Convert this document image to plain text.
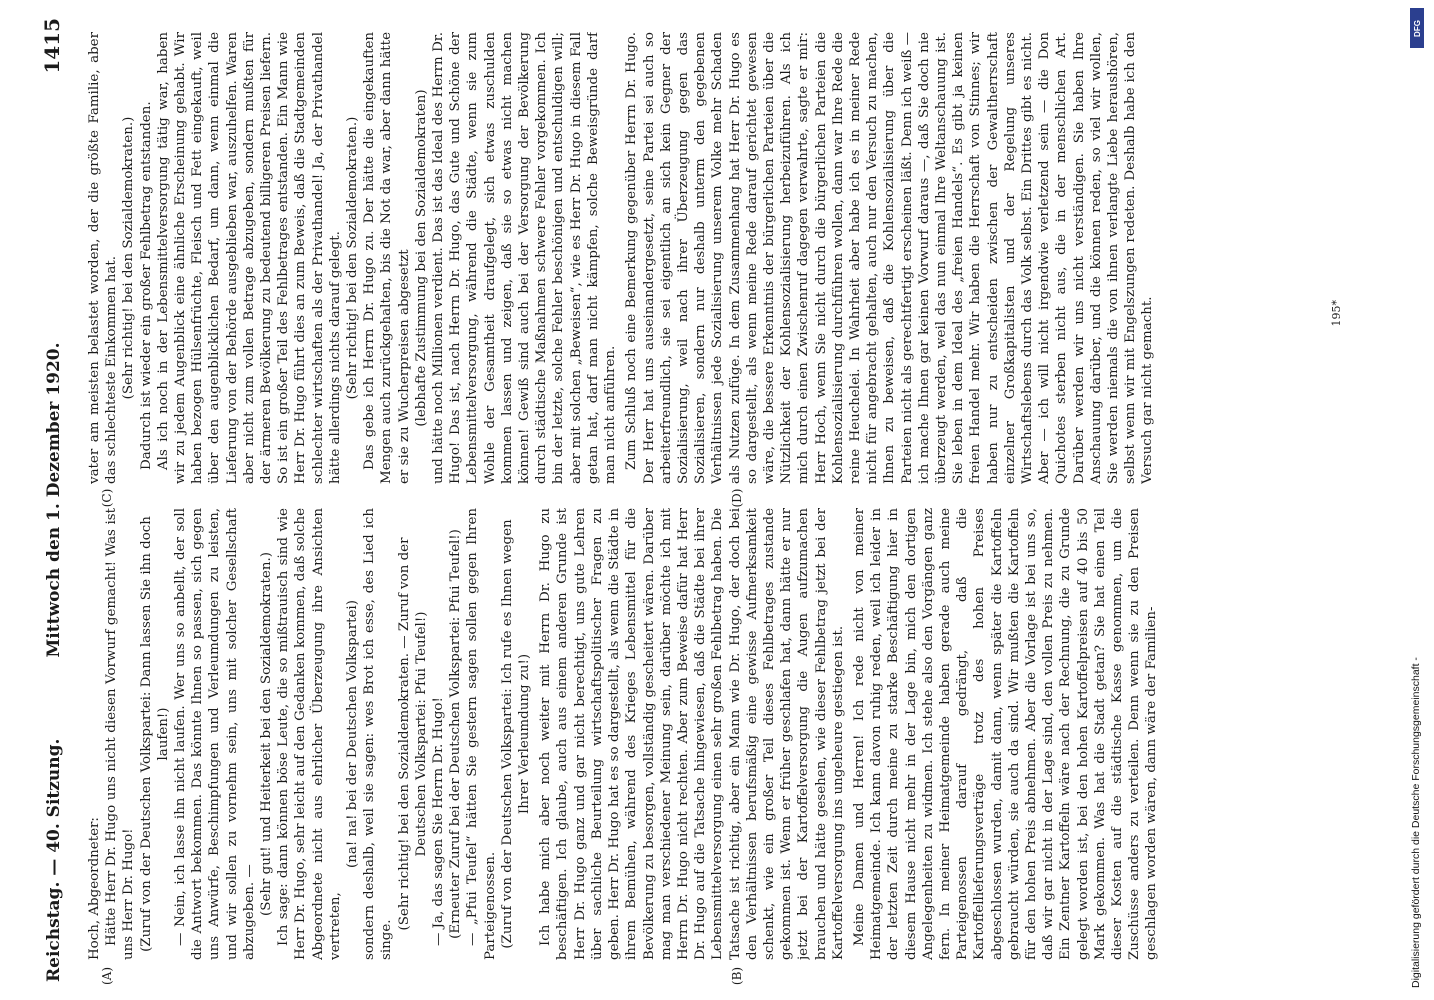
Reichstag. — 40. Sitzung.
Mittwoch den 1. Dezember 1920.
1415
(A)	(B)
(C)	(D)

Hoch, Abgeordneter: Hätte Herr Dr. Hugo uns nicht diesen Vorwurf gemacht! Was ist uns Herr Dr. Hugo! (Zuruf von der Deutschen Volkspartei: Dann lassen Sie ihn doch laufen!) — Nein, ich lasse ihn nicht laufen. Wer uns so anbellt, der soll die Antwort bekommen. Das könnte Ihnen so passen, sich gegen uns Anwürfe, Beschimpfungen und Verleumdungen zu leisten, und wir sollen zu vornehm sein, uns mit solcher Gesellschaft abzugeben. — (Sehr gut! und Heiterkeit bei den Sozialdemokraten.) Ich sage: dann können böse Leute, die so mißtrauisch sind wie Herr Dr. Hugo, sehr leicht auf den Gedanken kommen, daß solche Abgeordnete nicht aus ehrlicher Überzeugung ihre Ansichten vertreten,

(na! na! bei der Deutschen Volkspartei) sondern deshalb, weil sie sagen: wes Brot ich esse, des Lied ich singe.

(Sehr richtig! bei den Sozialdemokraten. — Zuruf von der Deutschen Volkspartei: Pfui Teufel!) — Ja, das sagen Sie Herrn Dr. Hugo! (Erneuter Zuruf bei der Deutschen Volkspartei: Pfui Teufel!) — „Pfui Teufel“ hätten Sie gestern sagen sollen gegen Ihren Parteigenossen. (Zuruf von der Deutschen Volkspartei: Ich rufe es Ihnen wegen Ihrer Verleumdung zu!) Ich habe mich aber noch weiter mit Herrn Dr. Hugo zu beschäftigen. Ich glaube, auch aus einem anderen Grunde ist Herr Dr. Hugo ganz und gar nicht berechtigt, uns gute Lehren über sachliche Beurteilung wirtschaftspolitischer Fragen zu geben. Herr Dr. Hugo hat es so dargestellt, als wenn die Städte in ihrem Bemühen, während des Krieges Lebensmittel für die Bevölkerung zu besorgen, vollständig gescheitert wären. Darüber mag man verschiedener Meinung sein, darüber möchte ich mit Herrn Dr. Hugo nicht rechten. Aber zum Beweise dafür hat Herr Dr. Hugo auf die Tatsache hingewiesen, daß die Städte bei ihrer Lebensmittelversorgung einen sehr großen Fehlbetrag haben. Die Tatsache ist richtig, aber ein Mann wie Dr. Hugo, der doch bei den Verhältnissen berufsmäßig eine gewisse Aufmerksamkeit schenkt, wie ein großer Teil dieses Fehlbetrages zustande gekommen ist. Wenn er früher geschlafen hat, dann hätte er nur jetzt bei der Kartoffelversorgung die Augen aufzumachen brauchen und hätte gesehen, wie dieser Fehlbetrag jetzt bei der Kartoffelversorgung ins ungeheure gestiegen ist. Meine Damen und Herren! Ich rede nicht von meiner Heimatgemeinde. Ich kann davon ruhig reden, weil ich leider in der letzten Zeit durch meine zu starke Beschäftigung hier in diesem Hause nicht mehr in der Lage bin, mich den dortigen Angelegenheiten zu widmen. Ich stehe also den Vorgängen ganz fern. In meiner Heimatgemeinde haben gerade auch meine Parteigenossen darauf gedrängt, daß die Kartoffellieferungsverträge trotz des hohen Preises abgeschlossen wurden, damit dann, wenn später die Kartoffeln gebraucht würden, sie auch da sind. Wir mußten die Kartoffeln für den hohen Preis abnehmen. Aber die Vorlage ist bei uns so, daß wir gar nicht in der Lage sind, den vollen Preis zu nehmen. Ein Zentner Kartoffeln wäre nach der Rechnung, die zu Grunde gelegt worden ist, bei den hohen Kartoffelpreisen auf 40 bis 50 Mark gekommen. Was hat die Stadt getan? Sie hat einen Teil dieser Kosten auf die städtische Kasse genommen, um die Zuschüsse anders zu verteilen. Denn wenn sie zu den Preisen geschlagen worden wären, dann wäre der Familien-

vater am meisten belastet worden, der die größte Familie, aber das schlechteste Einkommen hat. (Sehr richtig! bei den Sozialdemokraten.) Dadurch ist wieder ein großer Fehlbetrag entstanden. Als ich noch in der Lebensmittelversorgung tätig war, haben wir zu jedem Augenblick eine ähnliche Erscheinung gehabt. Wir haben bezogen Hülsenfrüchte, Fleisch und Fett eingekauft, weil über den augenblicklichen Bedarf, um dann, wenn einmal die Lieferung von der Behörde ausgeblieben war, auszuhelfen. Waren aber nicht zum vollen Betrage abzugeben, sondern mußten für der ärmeren Bevölkerung zu bedeutend billigeren Preisen liefern. So ist ein großer Teil des Fehlbetrages entstanden. Ein Mann wie Herr Dr. Hugo führt dies an zum Beweis, daß die Stadtgemeinden schlechter wirtschaften als der Privathandel! Ja, der Privathandel hätte allerdings nichts darauf gelegt. (Sehr richtig! bei den Sozialdemokraten.) Das gebe ich Herrn Dr. Hugo zu. Der hätte die eingekauften Mengen auch zurückgehalten, bis die Not da war, aber dann hätte er sie zu Wucherpreisen abgesetzt (lebhafte Zustimmung bei den Sozialdemokraten) und hätte noch Millionen verdient. Das ist das Ideal des Herrn Dr. Hugo! Das ist, nach Herrn Dr. Hugo, das Gute und Schöne der Lebensmittelversorgung, während die Städte, wenn sie zum Wohle der Gesamtheit draufgelegt, sich etwas zuschulden kommen lassen und zeigen, daß sie so etwas nicht machen können! Gewiß sind auch bei der Versorgung der Bevölkerung durch städtische Maßnahmen schwere Fehler vorgekommen. Ich bin der letzte, solche Fehler beschönigen und entschuldigen will; aber mit solchen „Beweisen“, wie es Herr Dr. Hugo in diesem Fall getan hat, darf man nicht kämpfen, solche Beweisgründe darf man nicht anführen. Zum Schluß noch eine Bemerkung gegenüber Herrn Dr. Hugo. Der Herr hat uns auseinandergesetzt, seine Partei sei auch so arbeiterfreundlich, sie sei eigentlich an sich kein Gegner der Sozialisierung, weil nach ihrer Überzeugung gegen das Sozialisieren, sondern nur deshalb unterm den gegebenen Verhältnissen jede Sozialisierung unserem Volke mehr Schaden als Nutzen zufüge. In dem Zusammenhang hat Herr Dr. Hugo es so dargestellt, als wenn meine Rede darauf gerichtet gewesen wäre, die bessere Erkenntnis der bürgerlichen Parteien über die Nützlichkeit der Kohlensozialisierung herbeizuführen. Als ich mich durch einen Zwischenruf dagegen verwahrte, sagte er mir: Herr Hoch, wenn Sie nicht durch die bürgerlichen Parteien die Kohlensozialisierung durchführen wollen, dann war Ihre Rede die reine Heuchelei. In Wahrheit aber habe ich es in meiner Rede nicht für angebracht gehalten, auch nur den Versuch zu machen, Ihnen zu beweisen, daß die Kohlensozialisierung über die Parteien nicht als gerechtfertigt erscheinen läßt. Denn ich weiß — ich mache Ihnen gar keinen Vorwurf daraus —, daß Sie doch nie überzeugt werden, weil das nun einmal Ihre Weltanschauung ist. Sie leben in dem Ideal des „freien Handels“. Es gibt ja keinen freien Handel mehr. Wir haben die Herrschaft von Stinnes; wir haben nur zu entscheiden zwischen der Gewaltherrschaft einzelner Großkapitalisten und der Regelung unseres Wirtschaftslebens durch das Volk selbst. Ein Drittes gibt es nicht. Aber — ich will nicht irgendwie verletzend sein — die Don Quichotes sterben nicht aus, die in der menschlichen Art. Darüber werden wir uns nicht verständigen. Sie haben Ihre Anschauung darüber, und die können reden, so viel wir wollen, Sie werden niemals die von ihnen verlangte Liebe heraushören, selbst wenn wir mit Engelszungen redeten. Deshalb habe ich den Versuch gar nicht gemacht.	195*
DFG
Digitalisierung gefördert durch die Deutsche Forschungsgemeinschaft -
